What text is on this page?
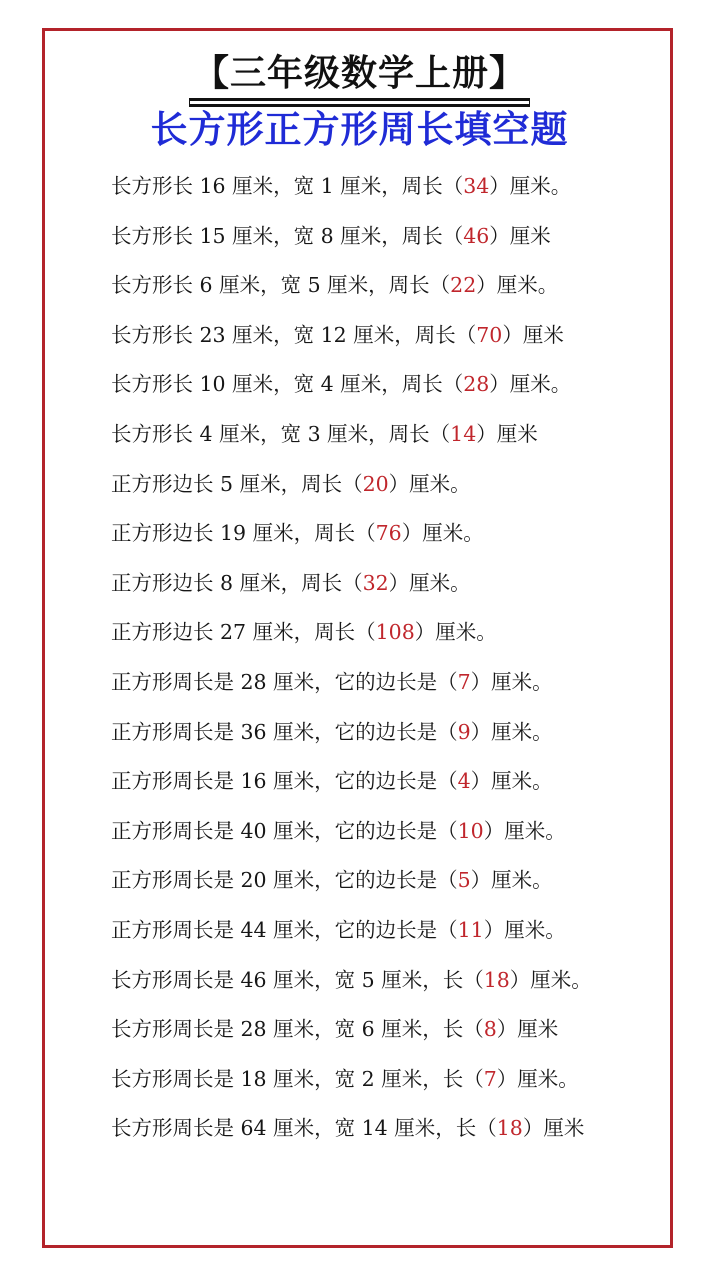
【三年级数学上册】
长方形正方形周长填空题
长方形长 16 厘米，宽 1 厘米，周长（34）厘米。
长方形长 15 厘米，宽 8 厘米，周长（46）厘米
长方形长 6 厘米，宽 5 厘米，周长（22）厘米。
长方形长 23 厘米，宽 12 厘米，周长（70）厘米
长方形长 10 厘米，宽 4 厘米，周长（28）厘米。
长方形长 4 厘米，宽 3 厘米，周长（14）厘米
正方形边长 5 厘米，周长（20）厘米。
正方形边长 19 厘米，周长（76）厘米。
正方形边长 8 厘米，周长（32）厘米。
正方形边长 27 厘米，周长（108）厘米。
正方形周长是 28 厘米，它的边长是（7）厘米。
正方形周长是 36 厘米，它的边长是（9）厘米。
正方形周长是 16 厘米，它的边长是（4）厘米。
正方形周长是 40 厘米，它的边长是（10）厘米。
正方形周长是 20 厘米，它的边长是（5）厘米。
正方形周长是 44 厘米，它的边长是（11）厘米。
长方形周长是 46 厘米，宽 5 厘米，长（18）厘米。
长方形周长是 28 厘米，宽 6 厘米，长（8）厘米
长方形周长是 18 厘米，宽 2 厘米，长（7）厘米。
长方形周长是 64 厘米，宽 14 厘米，长（18）厘米
